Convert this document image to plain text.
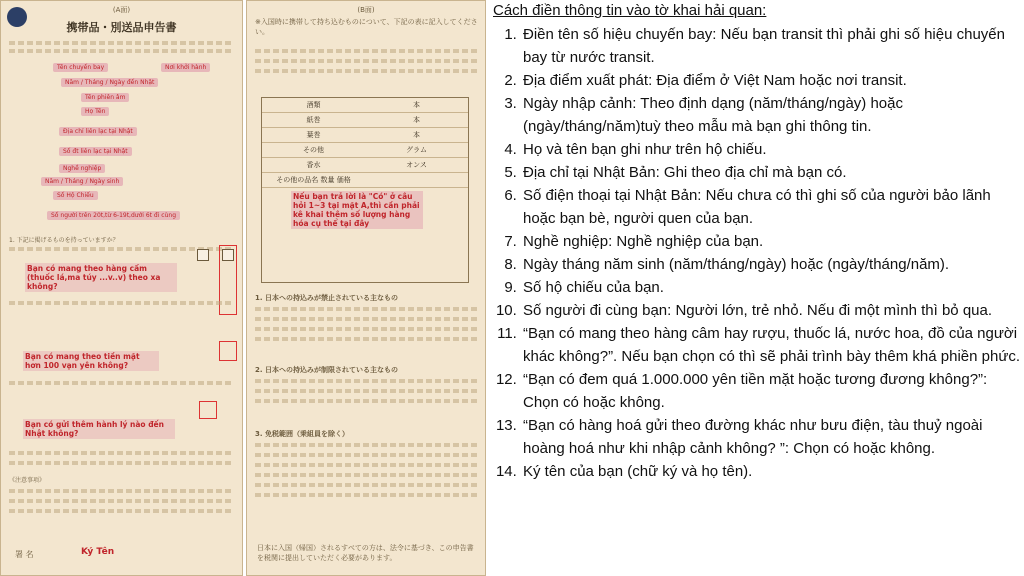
(A面)
携帯品・別送品申告書
Tên chuyến bay	Nơi khởi hành
Năm / Tháng / Ngày đến Nhật
Tên phiên âm
Họ Tên
Địa chỉ liên lạc tại Nhật
Số đt liên lạc tại Nhật
Nghề nghiệp
Năm / Tháng / Ngày sinh
Số Hộ Chiếu
Số người trên 20t,từ 6-19t,dưới 6t đi cùng
1. 下記に掲げるものを持っていますか？
Bạn có mang theo hàng cấm (thuốc lá,ma túy ...v..v) theo xa không?
Bạn có mang theo tiền mặt hơn 100 vạn yên không?
Bạn có gửi thêm hành lý nào đến Nhật không?
《注意事項》
署 名	Ký Tên
(B面)
※入国時に携帯して持ち込むものについて、下記の表に記入してください。
酒類	本
紙巻	本
葉巻	本
その他	グラム
香水	オンス
その他の品名 数量 価格
Nếu bạn trả lời là "Có" ở câu hỏi 1~3 tại mặt A,thì cần phải kê khai thêm số lượng hàng hóa cụ thể tại đây
1. 日本への持込みが禁止されている主なもの
2. 日本への持込みが制限されている主なもの
3. 免税範囲（乗組員を除く）
日本に入国（帰国）されるすべての方は、法令に基づき、この申告書を税関に提出していただく必要があります。
Cách điền thông tin vào tờ khai hải quan:
1. Điền tên số hiệu chuyến bay: Nếu bạn transit thì phải ghi số hiệu chuyến bay từ nước transit.
2. Địa điểm xuất phát: Địa điểm ở Việt Nam hoặc nơi transit.
3. Ngày nhập cảnh: Theo định dạng (năm/tháng/ngày) hoặc (ngày/tháng/năm)tuỳ theo mẫu mà bạn ghi thông tin.
4. Họ và tên bạn ghi như trên hộ chiếu.
5. Địa chỉ tại Nhật Bản: Ghi theo địa chỉ mà bạn có.
6. Số điện thoại tại Nhật Bản: Nếu chưa có thì ghi số của người bảo lãnh hoặc bạn bè, người quen của bạn.
7. Nghề nghiệp: Nghề nghiệp của bạn.
8. Ngày tháng năm sinh (năm/tháng/ngày) hoặc (ngày/tháng/năm).
9. Số hộ chiếu của bạn.
10. Số người đi cùng bạn: Người lớn, trẻ nhỏ. Nếu đi một mình thì bỏ qua.
11. “Bạn có mang theo hàng câm hay rượu, thuốc lá, nước hoa, đồ của người khác không?”. Nếu bạn chọn có thì sẽ phải trình bày thêm khá phiền phức.
12. “Bạn có đem quá 1.000.000 yên tiền mặt hoặc tương đương không?”: Chọn có hoặc không.
13. “Bạn có hàng hoá gửi theo đường khác như bưu điện, tàu thuỷ ngoài hoàng hoá như khi nhập cảnh không? ”: Chọn có hoặc không.
14. Ký tên của bạn (chữ ký và họ tên).
